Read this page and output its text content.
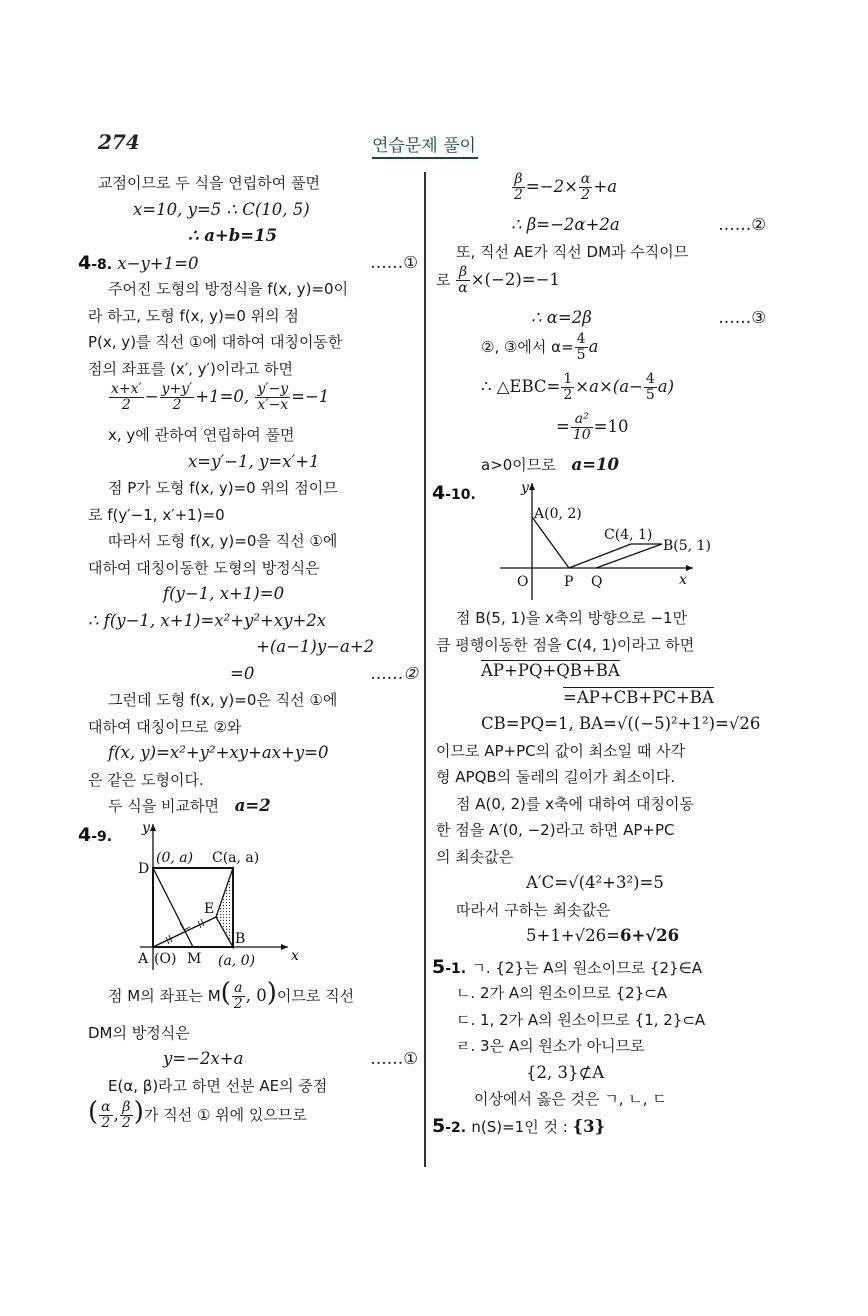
274	연습문제 풀이
교점이므로 두 식을 연립하여 풀면
x=10, y=5 ∴ C(10, 5)
∴ a+b=15
4-8. x−y+1=0	……①
주어진 도형의 방정식을 f(x, y)=0이
라 하고, 도형 f(x, y)=0 위의 점
P(x, y)를 직선 ①에 대하여 대칭이동한
점의 좌표를 (x′, y′)이라고 하면
$\frac{x+x'}{2} - \frac{y+y'}{2} +1=0$, $\frac{y'-y}{x'-x} =-1$
x, y에 관하여 연립하여 풀면
x=y′−1, y=x′+1
점 P가 도형 f(x, y)=0 위의 점이므
로 f(y′−1, x′+1)=0
따라서 도형 f(x, y)=0을 직선 ①에
대하여 대칭이동한 도형의 방정식은
f(y−1, x+1)=0
∴ f(y−1, x+1)=x²+y²+xy+2x
+(a−1)y−a+2
=0	……②
그런데 도형 f(x, y)=0은 직선 ①에
대하여 대칭이므로 ②와
f(x, y)=x²+y²+xy+ax+y=0
은 같은 도형이다.
두 식을 비교하면 a=2
4-9.
y
D
(0, a) C(a, a)
E
B
A (O) M (a, 0)	x
점 M의 좌표는 $M( \frac{a}{2}$ , 0)이므로 직선
DM의 방정식은
y=−2x+a	……①
E(α, β)라고 하면 선분 AE의 중점
( $\frac{\alpha}{2}$ , $\frac{\beta}{2}$ )가 직선 ① 위에 있으므로
$\frac{\beta}{2} =-2\times \frac{\alpha}{2} +a$
∴ β=−2α+2a	……②
또, 직선 AE가 직선 DM과 수직이므
로 $\frac{\beta}{\alpha} \times(-2)=-1$
∴ α=2β	……③
②, ③에서 $\alpha= \frac{4}{5}$ a
∴ △EBC= $\frac{1}{2} \times a\times(a- \frac{4}{5} a)$
= $\frac{\text{a²}}{10} =10$
a>0이므로 a=10
4-10.	y
A(0, 2)
C(4, 1)
B(5, 1)
O	P Q	x
점 B(5, 1)을 x축의 방향으로 −1만
큼 평행이동한 점을 C(4, 1)이라고 하면
AP+PQ+QB+BA
=AP+CB+PC+BA
CB=PQ=1, BA=√((−5)²+1²)=√26
이므로 AP+PC의 값이 최소일 때 사각
형 APQB의 둘레의 길이가 최소이다.
점 A(0, 2)를 x축에 대하여 대칭이동
한 점을 A′(0, −2)라고 하면 AP+PC
의 최솟값은
A′C=√(4²+3²)=5
따라서 구하는 최솟값은
5+1+√26=6+√26
5-1. ㄱ. {2}는 A의 원소이므로 {2}∈A
ㄴ. 2가 A의 원소이므로 {2}⊂A
ㄷ. 1, 2가 A의 원소이므로 {1, 2}⊂A
ㄹ. 3은 A의 원소가 아니므로
{2, 3}⊄A
이상에서 옳은 것은 ㄱ, ㄴ, ㄷ
5-2. n(S)=1인 것 : {3}
